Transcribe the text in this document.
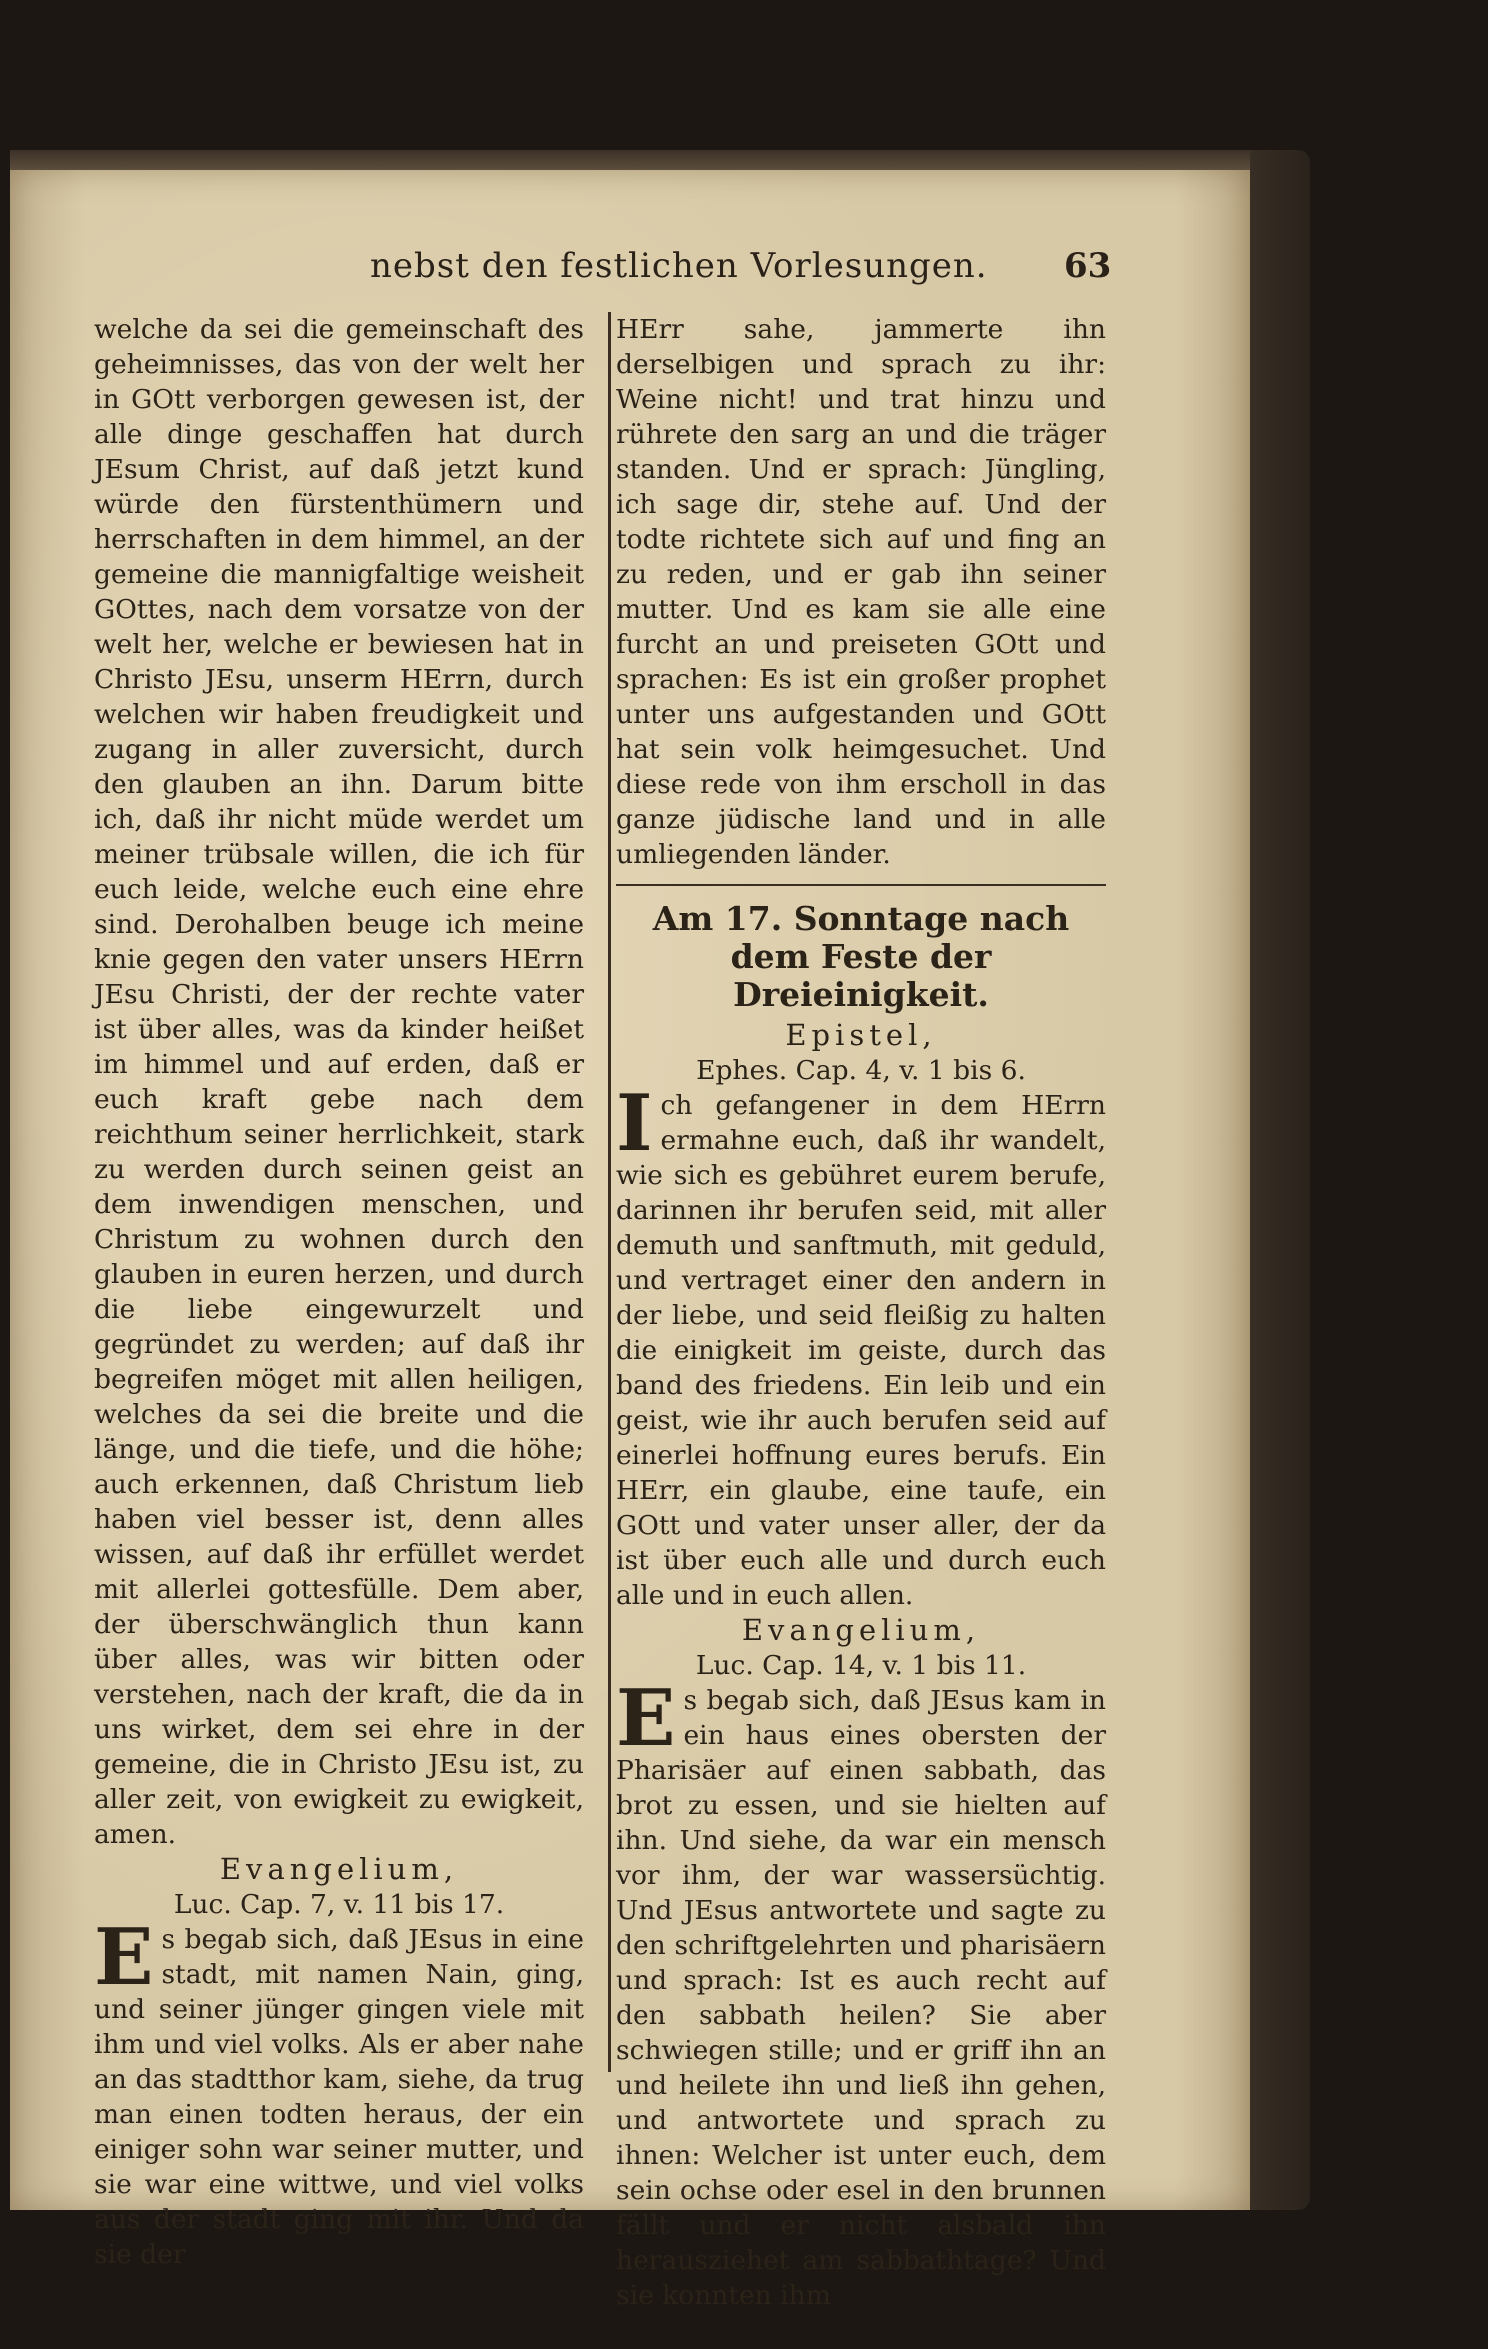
nebst den festlichen Vorlesungen.	63

welche da sei die gemeinschaft des geheimnisses, das von der welt her in GOtt verborgen gewesen ist, der alle dinge geschaffen hat durch JEsum Christ, auf daß jetzt kund würde den fürstenthümern und herrschaften in dem himmel, an der gemeine die mannigfaltige weisheit GOttes, nach dem vorsatze von der welt her, welche er bewiesen hat in Christo JEsu, unserm HErrn, durch welchen wir haben freudigkeit und zugang in aller zuversicht, durch den glauben an ihn. Darum bitte ich, daß ihr nicht müde werdet um meiner trübsale willen, die ich für euch leide, welche euch eine ehre sind. Derohalben beuge ich meine knie gegen den vater unsers HErrn JEsu Christi, der der rechte vater ist über alles, was da kinder heißet im himmel und auf erden, daß er euch kraft gebe nach dem reichthum seiner herrlichkeit, stark zu werden durch seinen geist an dem inwendigen menschen, und Christum zu wohnen durch den glauben in euren herzen, und durch die liebe eingewurzelt und gegründet zu werden; auf daß ihr begreifen möget mit allen heiligen, welches da sei die breite und die länge, und die tiefe, und die höhe; auch erkennen, daß Christum lieb haben viel besser ist, denn alles wissen, auf daß ihr erfüllet werdet mit allerlei gottesfülle. Dem aber, der überschwänglich thun kann über alles, was wir bitten oder verstehen, nach der kraft, die da in uns wirket, dem sei ehre in der gemeine, die in Christo JEsu ist, zu aller zeit, von ewigkeit zu ewigkeit, amen.

Evangelium,
Luc. Cap. 7, v. 11 bis 17.

Es begab sich, daß JEsus in eine stadt, mit namen Nain, ging, und seiner jünger gingen viele mit ihm und viel volks. Als er aber nahe an das stadtthor kam, siehe, da trug man einen todten heraus, der ein einiger sohn war seiner mutter, und sie war eine wittwe, und viel volks aus der stadt ging mit ihr. Und da sie der

HErr sahe, jammerte ihn derselbigen und sprach zu ihr: Weine nicht! und trat hinzu und rührete den sarg an und die träger standen. Und er sprach: Jüngling, ich sage dir, stehe auf. Und der todte richtete sich auf und fing an zu reden, und er gab ihn seiner mutter. Und es kam sie alle eine furcht an und preiseten GOtt und sprachen: Es ist ein großer prophet unter uns aufgestanden und GOtt hat sein volk heimgesuchet. Und diese rede von ihm erscholl in das ganze jüdische land und in alle umliegenden länder.

Am 17. Sonntage nach dem Feste der Dreieinigkeit.
Epistel,
Ephes. Cap. 4, v. 1 bis 6.

Ich gefangener in dem HErrn ermahne euch, daß ihr wandelt, wie sich es gebühret eurem berufe, darinnen ihr berufen seid, mit aller demuth und sanftmuth, mit geduld, und vertraget einer den andern in der liebe, und seid fleißig zu halten die einigkeit im geiste, durch das band des friedens. Ein leib und ein geist, wie ihr auch berufen seid auf einerlei hoffnung eures berufs. Ein HErr, ein glaube, eine taufe, ein GOtt und vater unser aller, der da ist über euch alle und durch euch alle und in euch allen.

Evangelium,
Luc. Cap. 14, v. 1 bis 11.

Es begab sich, daß JEsus kam in ein haus eines obersten der Pharisäer auf einen sabbath, das brot zu essen, und sie hielten auf ihn. Und siehe, da war ein mensch vor ihm, der war wassersüchtig. Und JEsus antwortete und sagte zu den schriftgelehrten und pharisäern und sprach: Ist es auch recht auf den sabbath heilen? Sie aber schwiegen stille; und er griff ihn an und heilete ihn und ließ ihn gehen, und antwortete und sprach zu ihnen: Welcher ist unter euch, dem sein ochse oder esel in den brunnen fällt und er nicht alsbald ihn herausziehet am sabbathtage? Und sie konnten ihm
